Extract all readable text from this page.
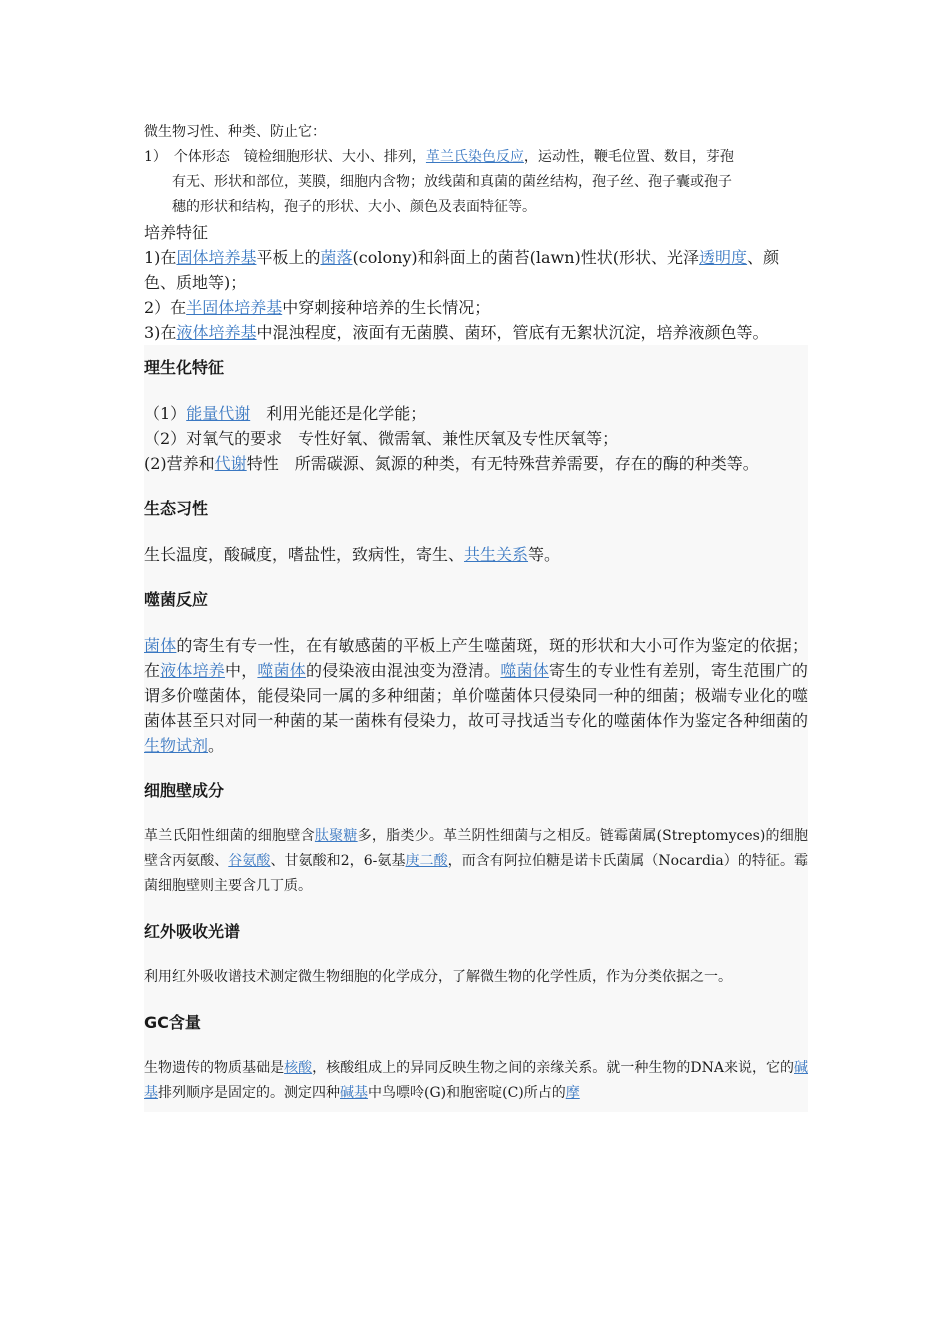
微生物习性、种类、防止它：

1）　 个体形态　镜检细胞形状、大小、排列，革兰氏染色反应，运动性，鞭毛位置、数目，芽孢

有无、形状和部位，荚膜，细胞内含物；放线菌和真菌的菌丝结构，孢子丝、孢子囊或孢子

穗的形状和结构，孢子的形状、大小、颜色及表面特征等。

培养特征

1)在固体培养基平板上的菌落(colony)和斜面上的菌苔(lawn)性状(形状、光泽透明度、颜色、质地等)；

2）在半固体培养基中穿刺接种培养的生长情况；

3)在液体培养基中混浊程度，液面有无菌膜、菌环，管底有无絮状沉淀，培养液颜色等。

理生化特征

（1）能量代谢　利用光能还是化学能；

（2）对氧气的要求　专性好氧、微需氧、兼性厌氧及专性厌氧等；

(2)营养和代谢特性　所需碳源、氮源的种类，有无特殊营养需要，存在的酶的种类等。

生态习性

生长温度，酸碱度，嗜盐性，致病性，寄生、共生关系等。

噬菌反应

菌体的寄生有专一性，在有敏感菌的平板上产生噬菌斑，斑的形状和大小可作为鉴定的依据；在液体培养中，噬菌体的侵染液由混浊变为澄清。噬菌体寄生的专业性有差别，寄生范围广的谓多价噬菌体，能侵染同一属的多种细菌；单价噬菌体只侵染同一种的细菌；极端专业化的噬菌体甚至只对同一种菌的某一菌株有侵染力，故可寻找适当专化的噬菌体作为鉴定各种细菌的生物试剂。

细胞壁成分

革兰氏阳性细菌的细胞壁含肽聚糖多，脂类少。革兰阴性细菌与之相反。链霉菌属(Streptomyces)的细胞壁含丙氨酸、谷氨酸、甘氨酸和2，6-氨基庚二酸，而含有阿拉伯糖是诺卡氏菌属（Nocardia）的特征。霉菌细胞壁则主要含几丁质。

红外吸收光谱

利用红外吸收谱技术测定微生物细胞的化学成分，了解微生物的化学性质，作为分类依据之一。

GC含量

生物遗传的物质基础是核酸，核酸组成上的异同反映生物之间的亲缘关系。就一种生物的DNA来说，它的碱基排列顺序是固定的。测定四种碱基中鸟嘌呤(G)和胞密啶(C)所占的摩
